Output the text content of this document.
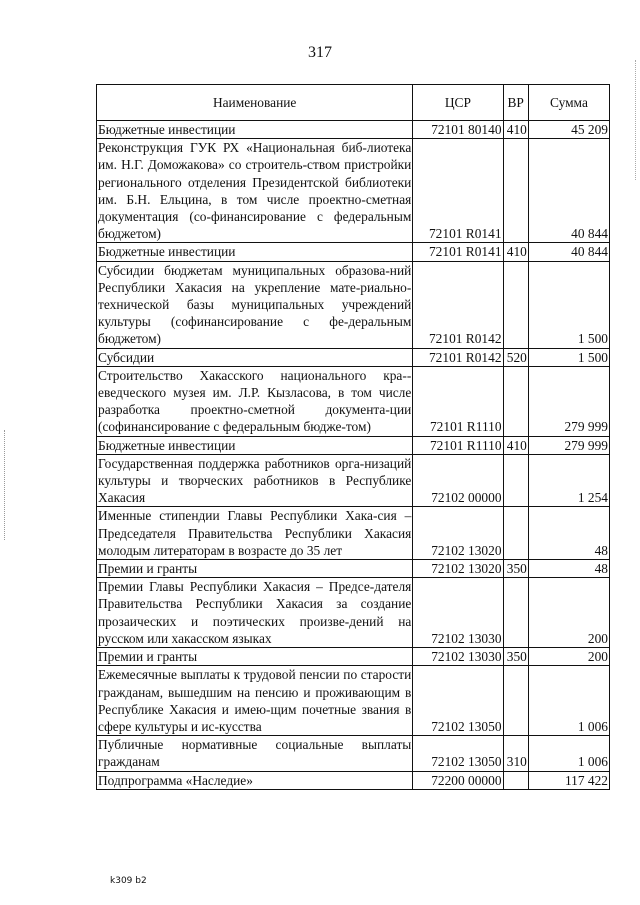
317
Наименование	ЦСР	ВР	Сумма

Бюджетные инвестиции	72101 80140	410	45 209

Реконструкция ГУК РХ «Национальная биб-лиотека им. Н.Г. Доможакова» со строитель-ством пристройки регионального отделения Президентской библиотеки им. Б.Н. Ельцина, в том числе проектно-сметная документация (со-финансирование с федеральным бюджетом)	72101 R0141		40 844

Бюджетные инвестиции	72101 R0141	410	40 844

Субсидии бюджетам муниципальных образова-ний Республики Хакасия на укрепление мате-риально-технической базы муниципальных учреждений культуры (софинансирование с фе-деральным бюджетом)	72101 R0142		1 500

Субсидии	72101 R0142	520	1 500

Строительство Хакасского национального кра-еведческого музея им. Л.Р. Кызласова, в том числе разработка проектно-сметной документа-ции (софинансирование с федеральным бюдже-том)	72101 R1110		279 999

Бюджетные инвестиции	72101 R1110	410	279 999

Государственная поддержка работников орга-низаций культуры и творческих работников в Республике Хакасия	72102 00000		1 254

Именные стипендии Главы Республики Хака-сия – Председателя Правительства Республики Хакасия молодым литераторам в возрасте до 35 лет	72102 13020		48

Премии и гранты	72102 13020	350	48

Премии Главы Республики Хакасия – Предсе-дателя Правительства Республики Хакасия за создание прозаических и поэтических произве-дений на русском или хакасском языках	72102 13030		200

Премии и гранты	72102 13030	350	200

Ежемесячные выплаты к трудовой пенсии по старости гражданам, вышедшим на пенсию и проживающим в Республике Хакасия и имею-щим почетные звания в сфере культуры и ис-кусства	72102 13050		1 006

Публичные нормативные социальные выплаты гражданам	72102 13050	310	1 006

Подпрограмма «Наследие»	72200 00000		117 422
k309 b2
